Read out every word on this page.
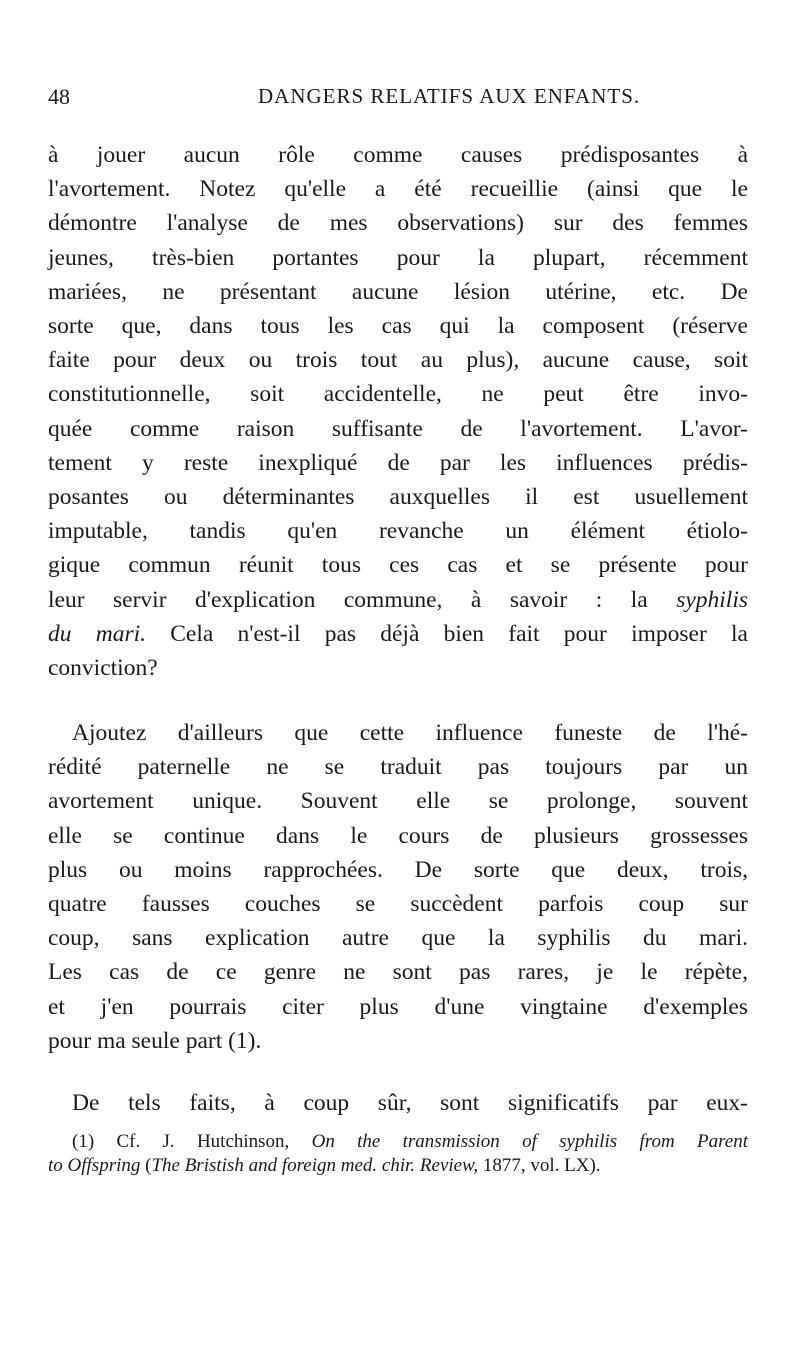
48	DANGERS RELATIFS AUX ENFANTS.
à jouer aucun rôle comme causes prédisposantes à
l'avortement. Notez qu'elle a été recueillie (ainsi que le
démontre l'analyse de mes observations) sur des femmes
jeunes, très-bien portantes pour la plupart, récemment
mariées, ne présentant aucune lésion utérine, etc. De
sorte que, dans tous les cas qui la composent (réserve
faite pour deux ou trois tout au plus), aucune cause, soit
constitutionnelle, soit accidentelle, ne peut être invo-
quée comme raison suffisante de l'avortement. L'avor-
tement y reste inexpliqué de par les influences prédis-
posantes ou déterminantes auxquelles il est usuellement
imputable, tandis qu'en revanche un élément étiolo-
gique commun réunit tous ces cas et se présente pour
leur servir d'explication commune, à savoir : la syphilis
du mari. Cela n'est-il pas déjà bien fait pour imposer la
conviction?
Ajoutez d'ailleurs que cette influence funeste de l'hé-
rédité paternelle ne se traduit pas toujours par un
avortement unique. Souvent elle se prolonge, souvent
elle se continue dans le cours de plusieurs grossesses
plus ou moins rapprochées. De sorte que deux, trois,
quatre fausses couches se succèdent parfois coup sur
coup, sans explication autre que la syphilis du mari.
Les cas de ce genre ne sont pas rares, je le répète,
et j'en pourrais citer plus d'une vingtaine d'exemples
pour ma seule part (1).
De tels faits, à coup sûr, sont significatifs par eux-
(1) Cf. J. Hutchinson, On the transmission of syphilis from Parent
to Offspring (The Bristish and foreign med. chir. Review, 1877, vol. LX).
